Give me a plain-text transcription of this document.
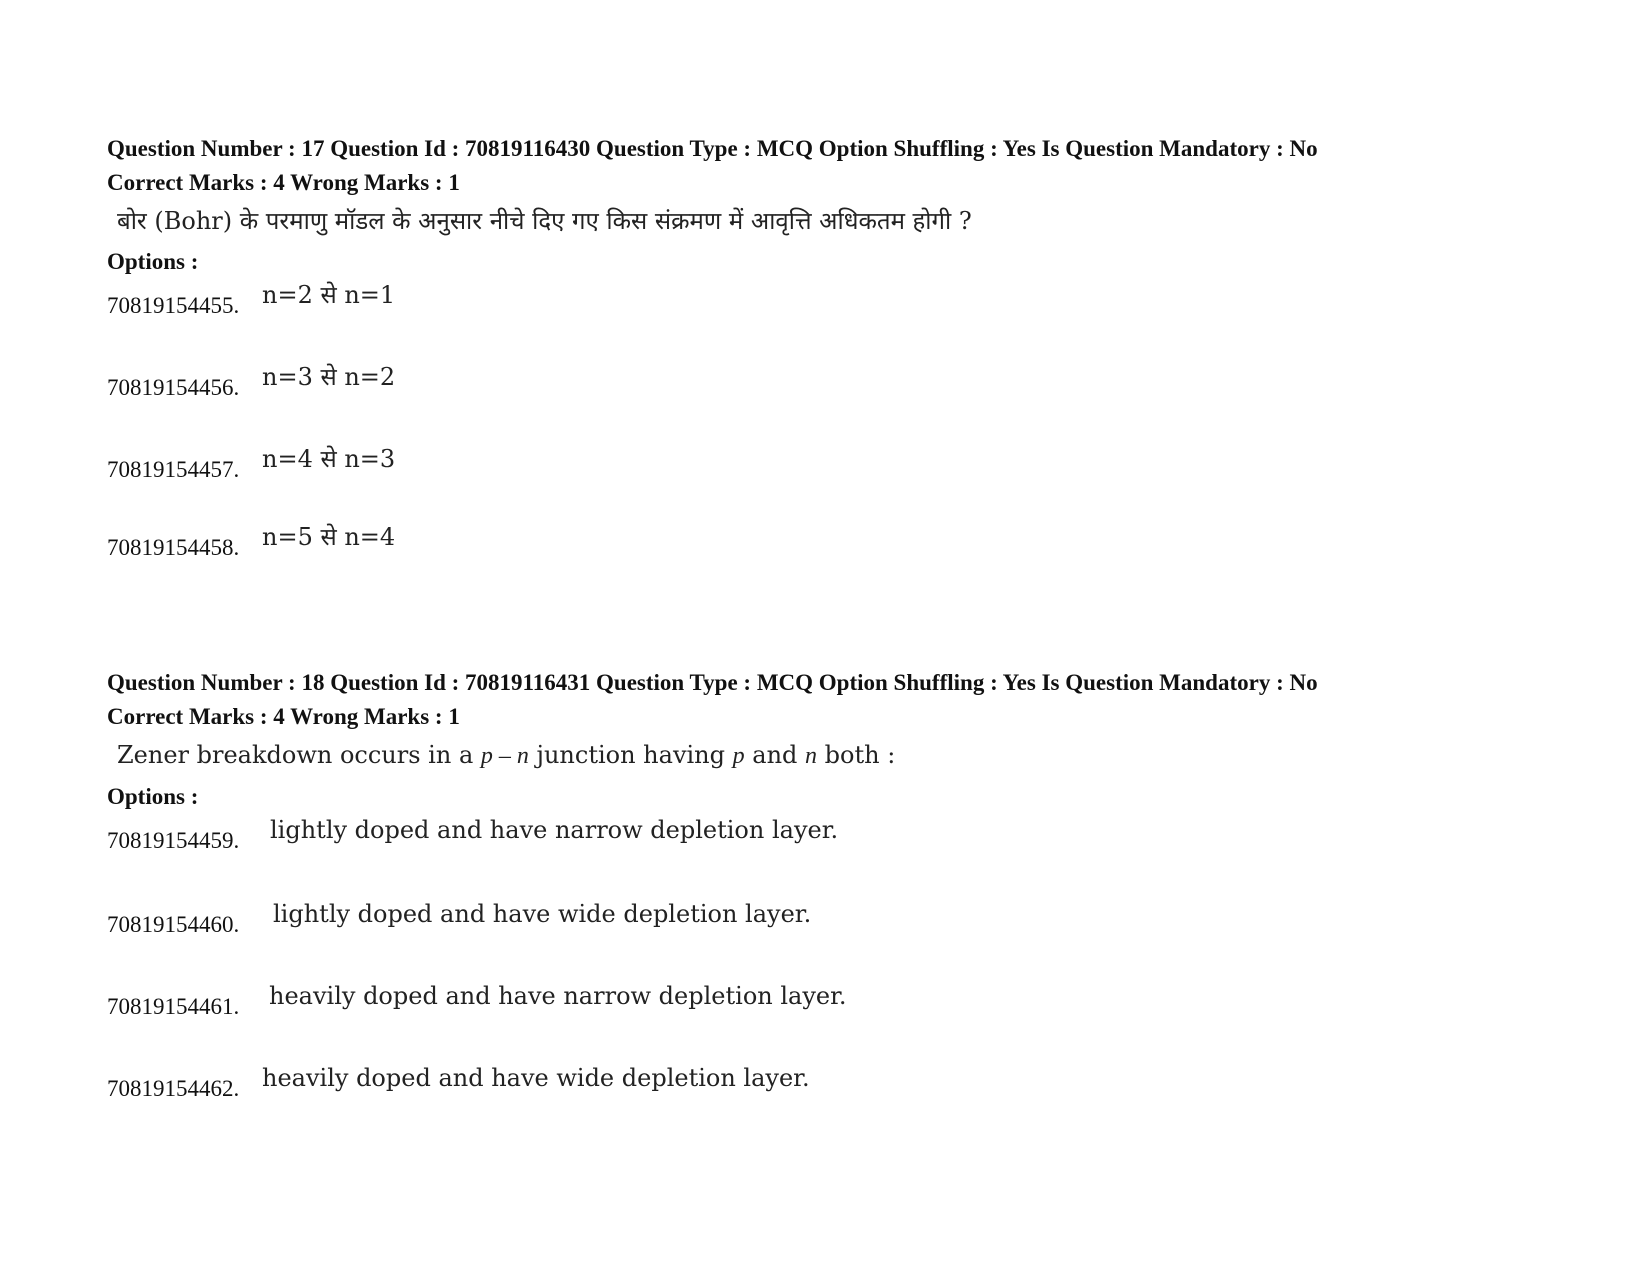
Question Number : 17 Question Id : 70819116430 Question Type : MCQ Option Shuffling : Yes Is Question Mandatory : No

Correct Marks : 4 Wrong Marks : 1

बोर (Bohr) के परमाणु मॉडल के अनुसार नीचे दिए गए किस संक्रमण में आवृत्ति अधिकतम होगी ?

Options :

70819154455. n=2 से n=1
70819154456. n=3 से n=2
70819154457. n=4 से n=3
70819154458. n=5 से n=4

Question Number : 18 Question Id : 70819116431 Question Type : MCQ Option Shuffling : Yes Is Question Mandatory : No

Correct Marks : 4 Wrong Marks : 1

Zener breakdown occurs in a p – n junction having p and n both :

Options :

70819154459. lightly doped and have narrow depletion layer.
70819154460. lightly doped and have wide depletion layer.
70819154461. heavily doped and have narrow depletion layer.
70819154462. heavily doped and have wide depletion layer.
